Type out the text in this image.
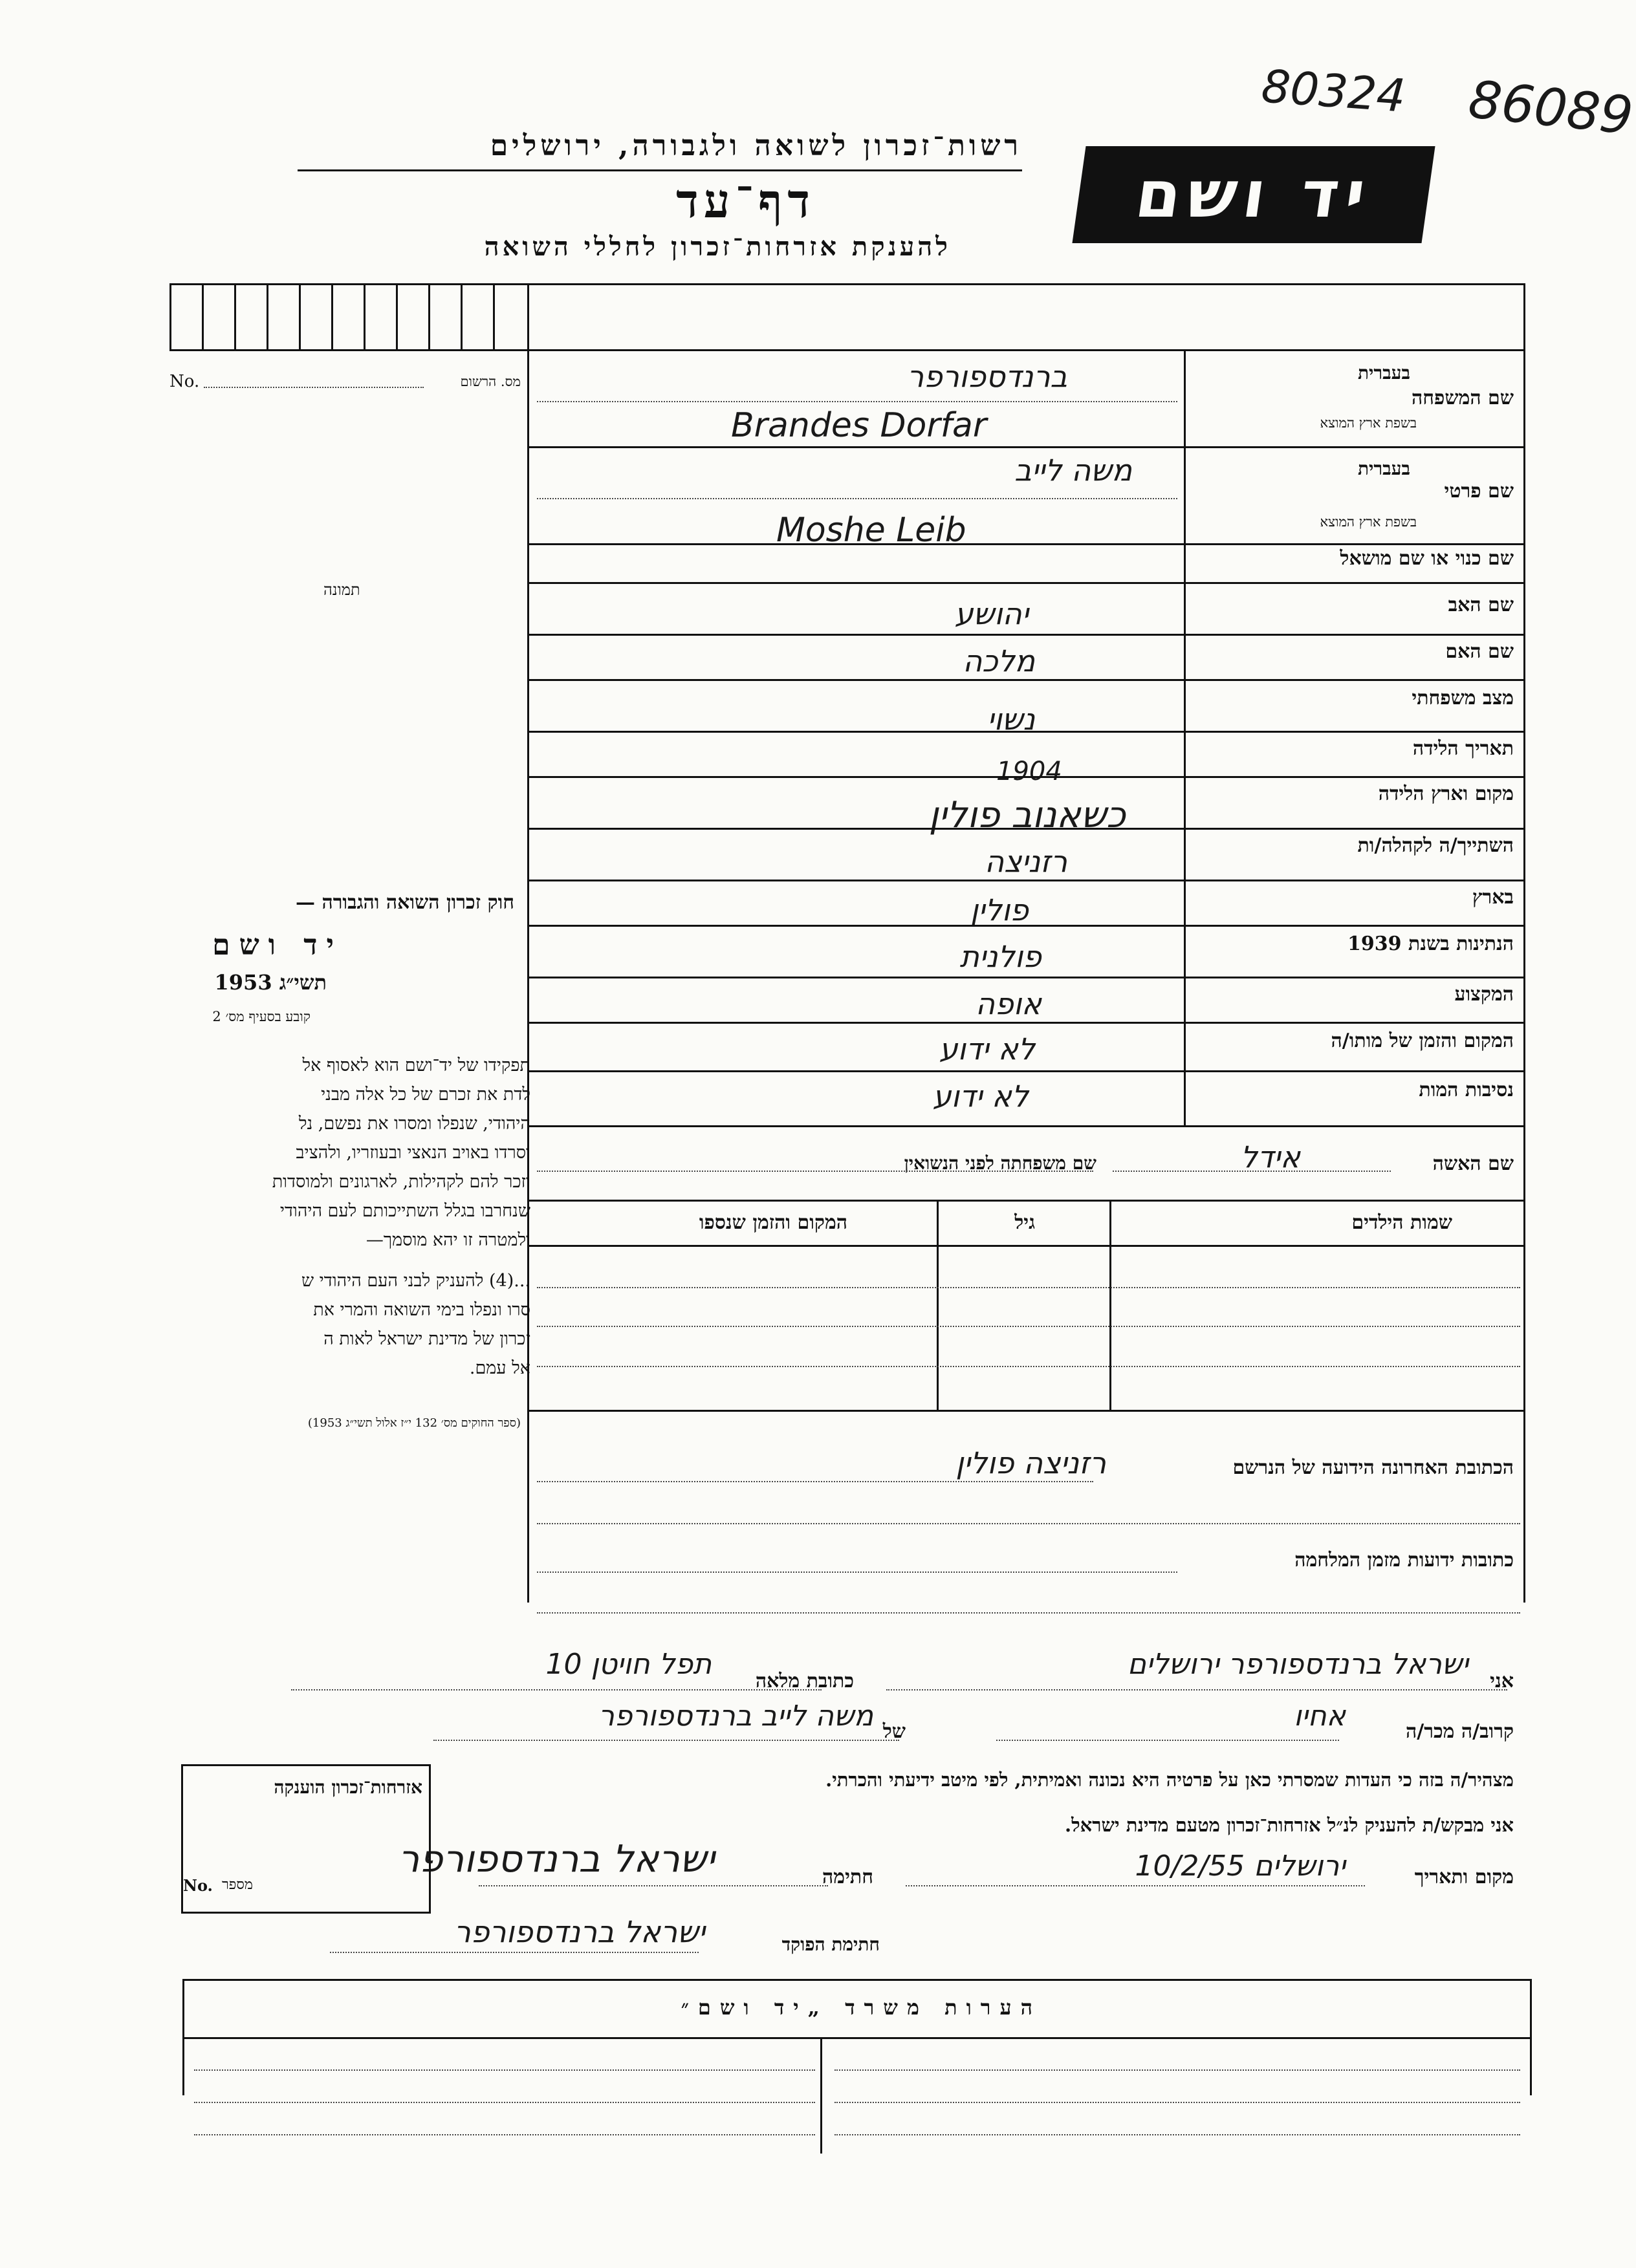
80324 86089
רשות־זכרון לשואה ולגבורה, ירושלים
דף־עד
להענקת אזרחות־זכרון לחללי השואה
יד ושם
No.	מס. הרשום
תמונה
שם המשפחה
בעברית
בשפת ארץ המוצא
ברנדספורפר
Brandes Dorfar
שם פרטי
בעברית
בשפת ארץ המוצא
משה לייב
Moshe Leib
שם כנוי או שם מושאל
שם האב
יהושע
שם האם
מלכה
מצב משפחתי
נשוי
תאריך הלידה
1904
מקום וארץ הלידה
כשאנוב פולין
השתייך/ה לקהלה/ות
רזניצה
בארץ
פולין
הנתינות בשנת 1939
פולנית
המקצוע
אופה
המקום והזמן של מותו/ה
לא ידוע
נסיבות המות
לא ידוע
שם האשה
אידל
שם משפחתה לפני הנשואין
שמות הילדים
גיל
המקום והזמן שנספו
חוק זכרון השואה והגבורה —
יד ושם
תשי״ג 1953
קובע בסעיף מס׳ 2
תפקידו של יד־ושם הוא לאסוף אל
לדת את זכרם של כל אלה מבני
היהודי, שנפלו ומסרו את נפשם, נל
וסרדו באויב הנאצי ובעוזריו, ולהציב
וזכר להם לקהילות, לארגונים ולמוסדות
שנחרבו בגלל השתייכותם לעם היהודי
ולמטרה זו יהא מוסמך—
...(4) להעניק לבני העם היהודי ש
סרו ונפלו בימי השואה והמרי את
זכרון של מדינת ישראל לאות ה
אל עמם.
(ספר החוקים מס׳ 132 י״ז אלול תשי״ג 1953)
הכתובת האחרונה הידועה של הנרשם
רזניצה פולין
כתובות ידועות מזמן המלחמה
אני
ישראל ברנדספורפר ירושלים
כתובת מלאה
תפל חויטן 10
קרוב/ה מכר/ה
אחיו
של
משה לייב ברנדספורפר
מצהיר/ה בזה כי העדות שמסרתי כאן על פרטיה היא נכונה ואמיתית, לפי מיטב ידיעתי והכרתי.
אני מבקש/ת להעניק לנ״ל אזרחות־זכרון מטעם מדינת ישראל.
מקום ותאריך
ירושלים 10/2/55
חתימה
ישראל ברנדספורפר
חתימת הפוקד
ישראל ברנדספורפר
אזרחות־זכרון הוענקה
No. מספר
הערות משרד „יד ושם״
